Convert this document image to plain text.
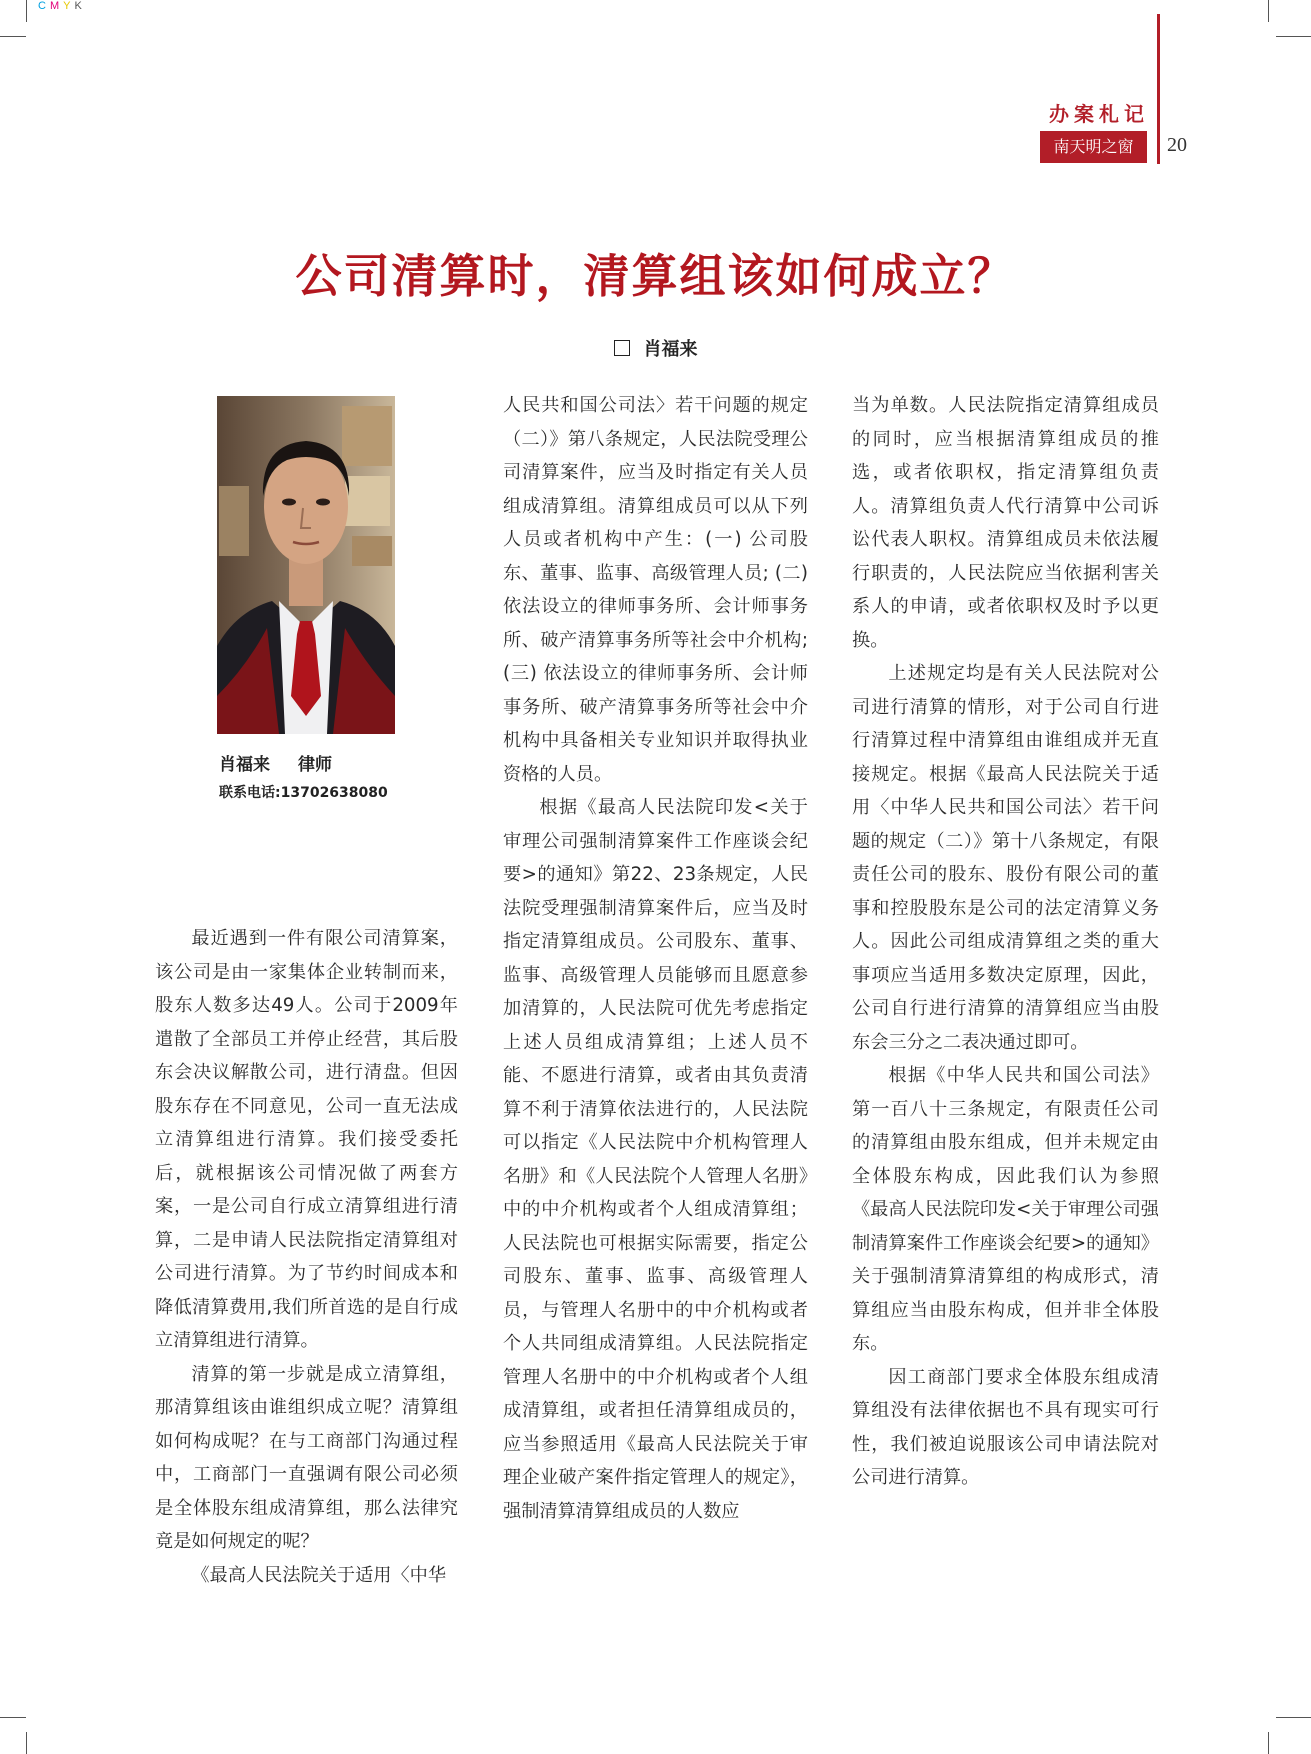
CMYK
办案札记
南天明之窗	20
公司清算时，清算组该如何成立？
肖福来
肖福来 律师
联系电话:13702638080

最近遇到一件有限公司清算案，该公司是由一家集体企业转制而来，股东人数多达49人。公司于2009年遣散了全部员工并停止经营，其后股东会决议解散公司，进行清盘。但因股东存在不同意见，公司一直无法成立清算组进行清算。我们接受委托后，就根据该公司情况做了两套方案，一是公司自行成立清算组进行清算，二是申请人民法院指定清算组对公司进行清算。为了节约时间成本和降低清算费用,我们所首选的是自行成立清算组进行清算。

清算的第一步就是成立清算组，那清算组该由谁组织成立呢？清算组如何构成呢？在与工商部门沟通过程中，工商部门一直强调有限公司必须是全体股东组成清算组，那么法律究竟是如何规定的呢？

《最高人民法院关于适用〈中华

人民共和国公司法〉若干问题的规定（二）》第八条规定，人民法院受理公司清算案件，应当及时指定有关人员组成清算组。清算组成员可以从下列人员或者机构中产生：(一) 公司股东、董事、监事、高级管理人员; (二) 依法设立的律师事务所、会计师事务所、破产清算事务所等社会中介机构; (三) 依法设立的律师事务所、会计师事务所、破产清算事务所等社会中介机构中具备相关专业知识并取得执业资格的人员。

根据《最高人民法院印发<关于审理公司强制清算案件工作座谈会纪要>的通知》第22、23条规定，人民法院受理强制清算案件后，应当及时指定清算组成员。公司股东、董事、监事、高级管理人员能够而且愿意参加清算的，人民法院可优先考虑指定上述人员组成清算组；上述人员不能、不愿进行清算，或者由其负责清算不利于清算依法进行的，人民法院可以指定《人民法院中介机构管理人名册》和《人民法院个人管理人名册》中的中介机构或者个人组成清算组；人民法院也可根据实际需要，指定公司股东、董事、监事、高级管理人员，与管理人名册中的中介机构或者个人共同组成清算组。人民法院指定管理人名册中的中介机构或者个人组成清算组，或者担任清算组成员的，应当参照适用《最高人民法院关于审理企业破产案件指定管理人的规定》，强制清算清算组成员的人数应

当为单数。人民法院指定清算组成员的同时，应当根据清算组成员的推选，或者依职权，指定清算组负责人。清算组负责人代行清算中公司诉讼代表人职权。清算组成员未依法履行职责的，人民法院应当依据利害关系人的申请，或者依职权及时予以更换。

上述规定均是有关人民法院对公司进行清算的情形，对于公司自行进行清算过程中清算组由谁组成并无直接规定。根据《最高人民法院关于适用〈中华人民共和国公司法〉若干问题的规定（二）》第十八条规定，有限责任公司的股东、股份有限公司的董事和控股股东是公司的法定清算义务人。因此公司组成清算组之类的重大事项应当适用多数决定原理，因此，公司自行进行清算的清算组应当由股东会三分之二表决通过即可。

根据《中华人民共和国公司法》第一百八十三条规定，有限责任公司的清算组由股东组成，但并未规定由全体股东构成，因此我们认为参照《最高人民法院印发<关于审理公司强制清算案件工作座谈会纪要>的通知》关于强制清算清算组的构成形式，清算组应当由股东构成，但并非全体股东。

因工商部门要求全体股东组成清算组没有法律依据也不具有现实可行性，我们被迫说服该公司申请法院对公司进行清算。
